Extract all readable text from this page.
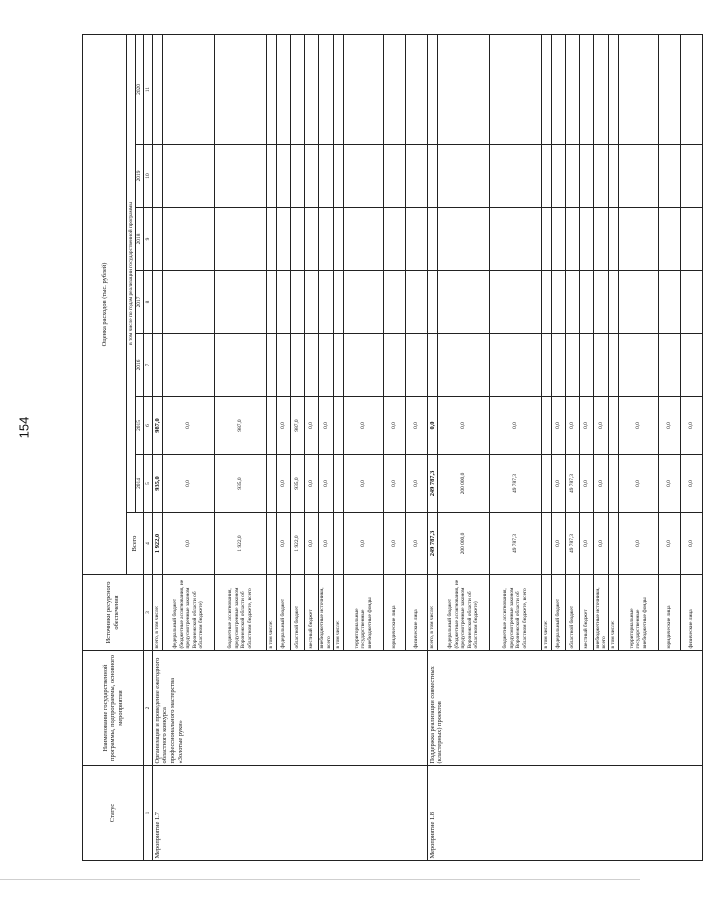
154
Статус	Наименование государственной программы, подпрограммы, основного мероприятия	Источники ресурсного обеспечения	Оценка расходов (тыс. рублей)							
			Всего	в том числе по годам реализации государственной программы						
				2014	2015	2016	2017	2018	2019	2020
1	2	3	4	5	6	7	8	9	10	11
Мероприятие 1.7	Организация и проведение ежегодного областного конкурса профессионального мастерства «Золотые руки»	всего, в том числе:	1 922,0	935,0	987,0					
		федеральный бюджет (бюджетные ассигнования, не предусмотренные законом Воронежской области об областном бюджете)	0,0	0,0	0,0					
		бюджетные ассигнования, предусмотренные законом Воронежской области об областном бюджете, всего	1 922,0	935,0	987,0					
		в том числе:								
		федеральный бюджет	0,0	0,0	0,0					
		областной бюджет	1 922,0	935,0	987,0					
		местный бюджет	0,0	0,0	0,0					
		внебюджетные источники, всего	0,0	0,0	0,0					
		в том числе:								
		территориальные государственные внебюджетные фонды	0,0	0,0	0,0					
		юридические лица	0,0	0,0	0,0					
		физические лица	0,0	0,0	0,0					
Мероприятие 1.8	Поддержка реализации совместных (кластерных) проектов	всего, в том числе:	249 787,3	249 787,3	0,0					
		федеральный бюджет (бюджетные ассигнования, не предусмотренные законом Воронежской области об областном бюджете)	200 000,0	200 000,0	0,0					
		бюджетные ассигнования, предусмотренные законом Воронежской области об областном бюджете, всего	49 787,3	49 787,3	0,0					
		в том числе:								
		федеральный бюджет	0,0	0,0	0,0					
		областной бюджет	49 787,3	49 787,3	0,0					
		местный бюджет	0,0	0,0	0,0					
		внебюджетные источники, всего	0,0	0,0	0,0					
		в том числе:								
		территориальные государственные внебюджетные фонды	0,0	0,0	0,0					
		юридические лица	0,0	0,0	0,0					
		физические лица	0,0	0,0	0,0					
